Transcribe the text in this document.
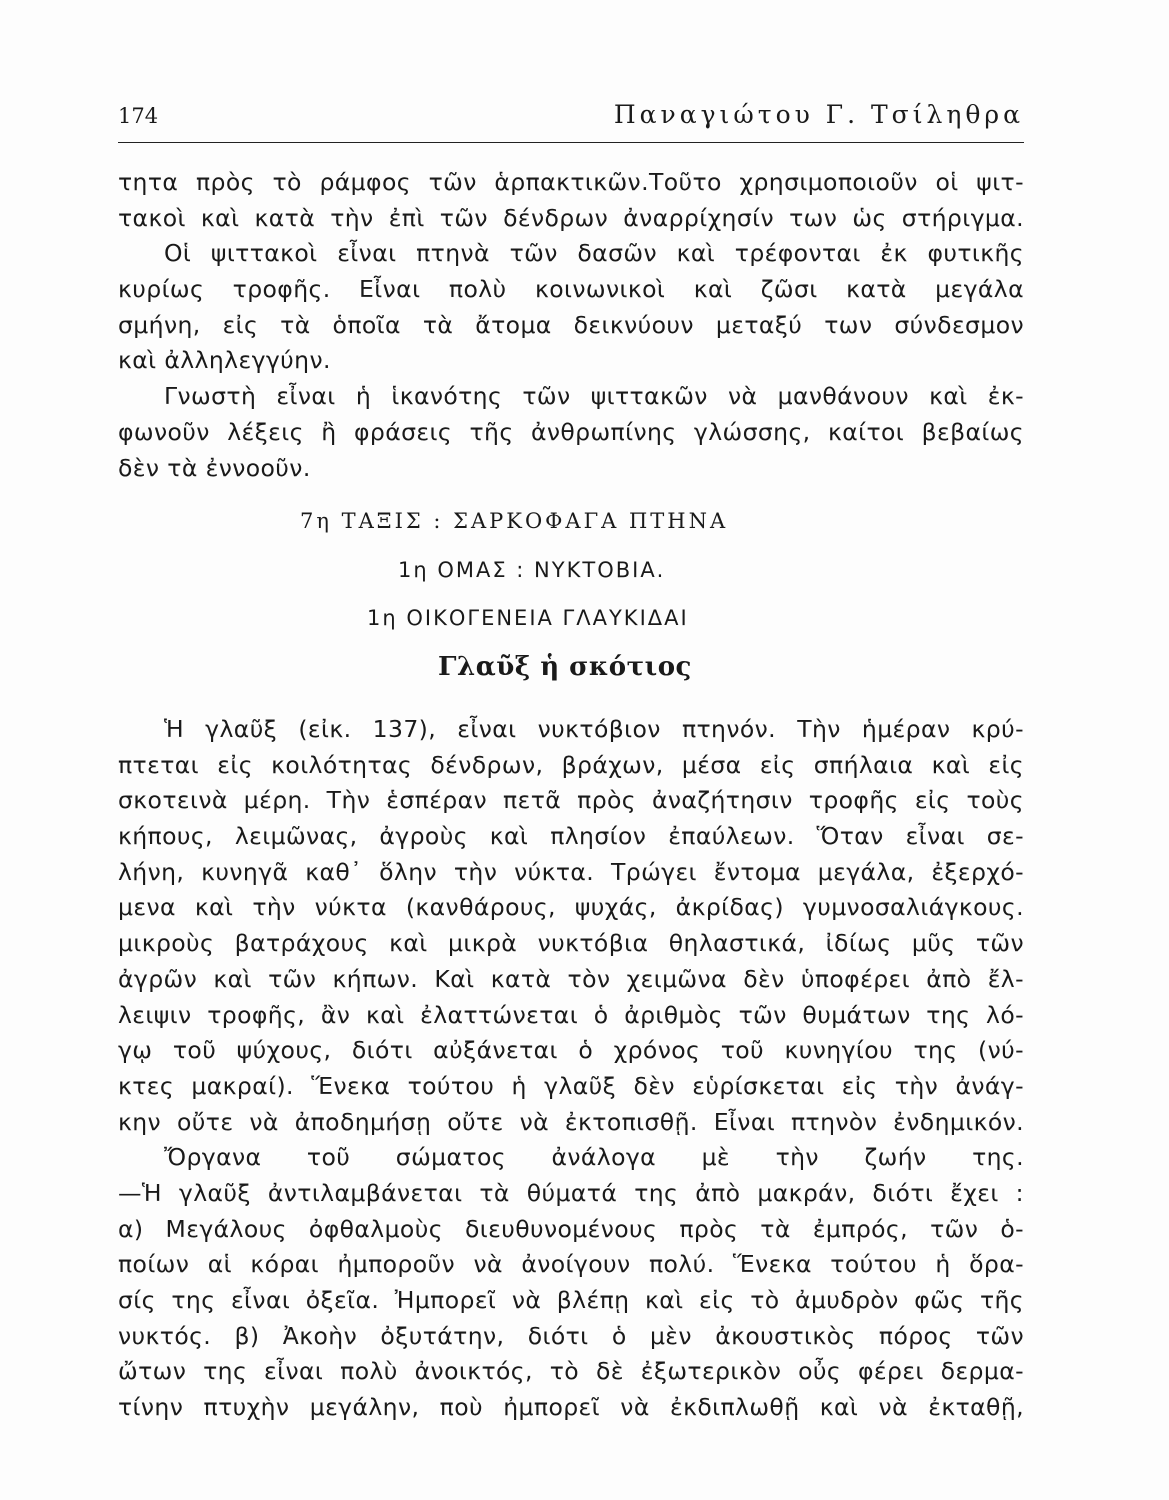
174	Παναγιώτου Γ. Τσίληθρα
τητα πρὸς τὸ ράμφος τῶν ἁρπακτικῶν.Τοῦτο χρησιμοποιοῦν οἱ ψιτ-
τακοὶ καὶ κατὰ τὴν ἐπὶ τῶν δένδρων ἀναρρίχησίν των ὡς στήριγμα.
Οἱ ψιττακοὶ εἶναι πτηνὰ τῶν δασῶν καὶ τρέφονται ἐκ φυτικῆς
κυρίως τροφῆς. Εἶναι πολὺ κοινωνικοὶ καὶ ζῶσι κατὰ μεγάλα
σμήνη, εἰς τὰ ὁποῖα τὰ ἄτομα δεικνύουν μεταξύ των σύνδεσμον
καὶ ἀλληλεγγύην.
Γνωστὴ εἶναι ἡ ἱκανότης τῶν ψιττακῶν νὰ μανθάνουν καὶ ἐκ-
φωνοῦν λέξεις ἢ φράσεις τῆς ἀνθρωπίνης γλώσσης, καίτοι βεβαίως
δὲν τὰ ἐννοοῦν.
7η ΤΑΞΙΣ : ΣΑΡΚΟΦΑΓΑ ΠΤΗΝΑ
1η ΟΜΑΣ : ΝΥΚΤΟΒΙΑ.
1η ΟΙΚΟΓΕΝΕΙΑ ΓΛΑΥΚΙΔΑΙ
Γλαῦξ ἡ σκότιος
Ἡ γλαῦξ (εἰκ. 137), εἶναι νυκτόβιον πτηνόν. Τὴν ἡμέραν κρύ-
πτεται εἰς κοιλότητας δένδρων, βράχων, μέσα εἰς σπήλαια καὶ εἰς
σκοτεινὰ μέρη. Τὴν ἑσπέραν πετᾶ πρὸς ἀναζήτησιν τροφῆς εἰς τοὺς
κήπους, λειμῶνας, ἀγροὺς καὶ πλησίον ἐπαύλεων. Ὅταν εἶναι σε-
λήνη, κυνηγᾶ καθ᾽ ὅλην τὴν νύκτα. Τρώγει ἔντομα μεγάλα, ἐξερχό-
μενα καὶ τὴν νύκτα (κανθάρους, ψυχάς, ἀκρίδας) γυμνοσαλιάγκους.
μικροὺς βατράχους καὶ μικρὰ νυκτόβια θηλαστικά, ἰδίως μῦς τῶν
ἀγρῶν καὶ τῶν κήπων. Καὶ κατὰ τὸν χειμῶνα δὲν ὑποφέρει ἀπὸ ἔλ-
λειψιν τροφῆς, ἂν καὶ ἐλαττώνεται ὁ ἀριθμὸς τῶν θυμάτων της λό-
γῳ τοῦ ψύχους, διότι αὐξάνεται ὁ χρόνος τοῦ κυνηγίου της (νύ-
κτες μακραί). Ἕνεκα τούτου ἡ γλαῦξ δὲν εὑρίσκεται εἰς τὴν ἀνάγ-
κην οὔτε νὰ ἀποδημήσῃ οὔτε νὰ ἐκτοπισθῇ. Εἶναι πτηνὸν ἐνδημικόν.
Ὄργανα τοῦ σώματος ἀνάλογα μὲ τὴν ζωήν της.
—Ἡ γλαῦξ ἀντιλαμβάνεται τὰ θύματά της ἀπὸ μακράν, διότι ἔχει :
α) Μεγάλους ὀφθαλμοὺς διευθυνομένους πρὸς τὰ ἐμπρός, τῶν ὁ-
ποίων αἱ κόραι ἠμποροῦν νὰ ἀνοίγουν πολύ. Ἕνεκα τούτου ἡ ὅρα-
σίς της εἶναι ὀξεῖα. Ἠμπορεῖ νὰ βλέπῃ καὶ εἰς τὸ ἀμυδρὸν φῶς τῆς
νυκτός. β) Ἀκοὴν ὀξυτάτην, διότι ὁ μὲν ἀκουστικὸς πόρος τῶν
ὤτων της εἶναι πολὺ ἀνοικτός, τὸ δὲ ἐξωτερικὸν οὖς φέρει δερμα-
τίνην πτυχὴν μεγάλην, ποὺ ἠμπορεῖ νὰ ἐκδιπλωθῇ καὶ νὰ ἐκταθῇ,
